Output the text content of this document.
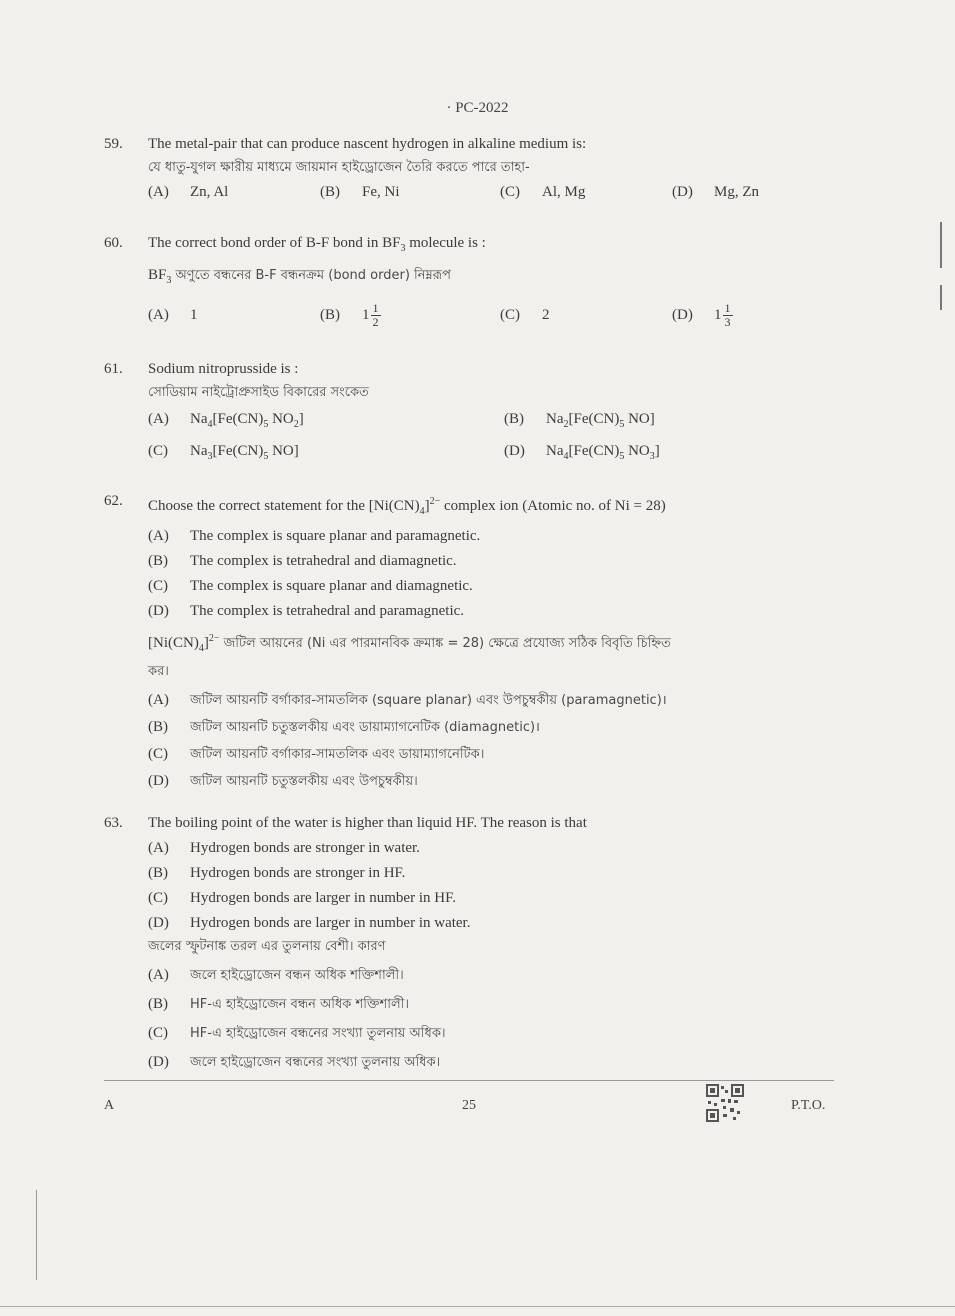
· PC-2022
59.	The metal-pair that can produce nascent hydrogen in alkaline medium is:
যে ধাতু-যুগল ক্ষারীয় মাধ্যমে জায়মান হাইড্রোজেন তৈরি করতে পারে তাহা-
(A)	Zn, Al	(B)	Fe, Ni	(C)	Al, Mg	(D)	Mg, Zn
60.	The correct bond order of B-F bond in $BF_3$ molecule is :
$BF_3$ অণুতে বন্ধনের B-F বন্ধনক্রম (bond order) নিম্নরূপ
(A)	1	(B)	$1 \frac{1}{2}$	(C)	2	(D)	$1 \frac{1}{3}$
61.	Sodium nitroprusside is :
সোডিয়াম নাইট্রোপ্রুসাইড বিকারের সংকেত
(A)	$Na_4[Fe(CN)_5$ $NO_2$]	(B)	$Na_2[Fe(CN)_5$ NO]
(C)	$Na_3[Fe(CN)_5$ NO]	(D)	$Na_4[Fe(CN)_5$ $NO_3$]
62.	Choose the correct statement for the $[Ni(CN)_4]^{2-}$ complex ion (Atomic no. of Ni = 28)
(A)	The complex is square planar and paramagnetic.
(B)	The complex is tetrahedral and diamagnetic.
(C)	The complex is square planar and diamagnetic.
(D)	The complex is tetrahedral and paramagnetic.
$[Ni(CN)_4]^{2-}$ জটিল আয়নের (Ni এর পারমানবিক ক্রমাঙ্ক = 28) ক্ষেত্রে প্রযোজ্য সঠিক বিবৃতি চিহ্নিত
কর।
(A)	জটিল আয়নটি বর্গাকার-সামতলিক (square planar) এবং উপচুম্বকীয় (paramagnetic)।
(B)	জটিল আয়নটি চতুস্তলকীয় এবং ডায়াম্যাগনেটিক (diamagnetic)।
(C)	জটিল আয়নটি বর্গাকার-সামতলিক এবং ডায়াম্যাগনেটিক।
(D)	জটিল আয়নটি চতুস্তলকীয় এবং উপচুম্বকীয়।
63.	The boiling point of the water is higher than liquid HF. The reason is that
(A)	Hydrogen bonds are stronger in water.
(B)	Hydrogen bonds are stronger in HF.
(C)	Hydrogen bonds are larger in number in HF.
(D)	Hydrogen bonds are larger in number in water.
জলের স্ফুটনাঙ্ক তরল এর তুলনায় বেশী। কারণ
(A)	জলে হাইড্রোজেন বন্ধন অধিক শক্তিশালী।
(B)	HF-এ হাইড্রোজেন বন্ধন অধিক শক্তিশালী।
(C)	HF-এ হাইড্রোজেন বন্ধনের সংখ্যা তুলনায় অধিক।
(D)	জলে হাইড্রোজেন বন্ধনের সংখ্যা তুলনায় অধিক।
A	25	P.T.O.
